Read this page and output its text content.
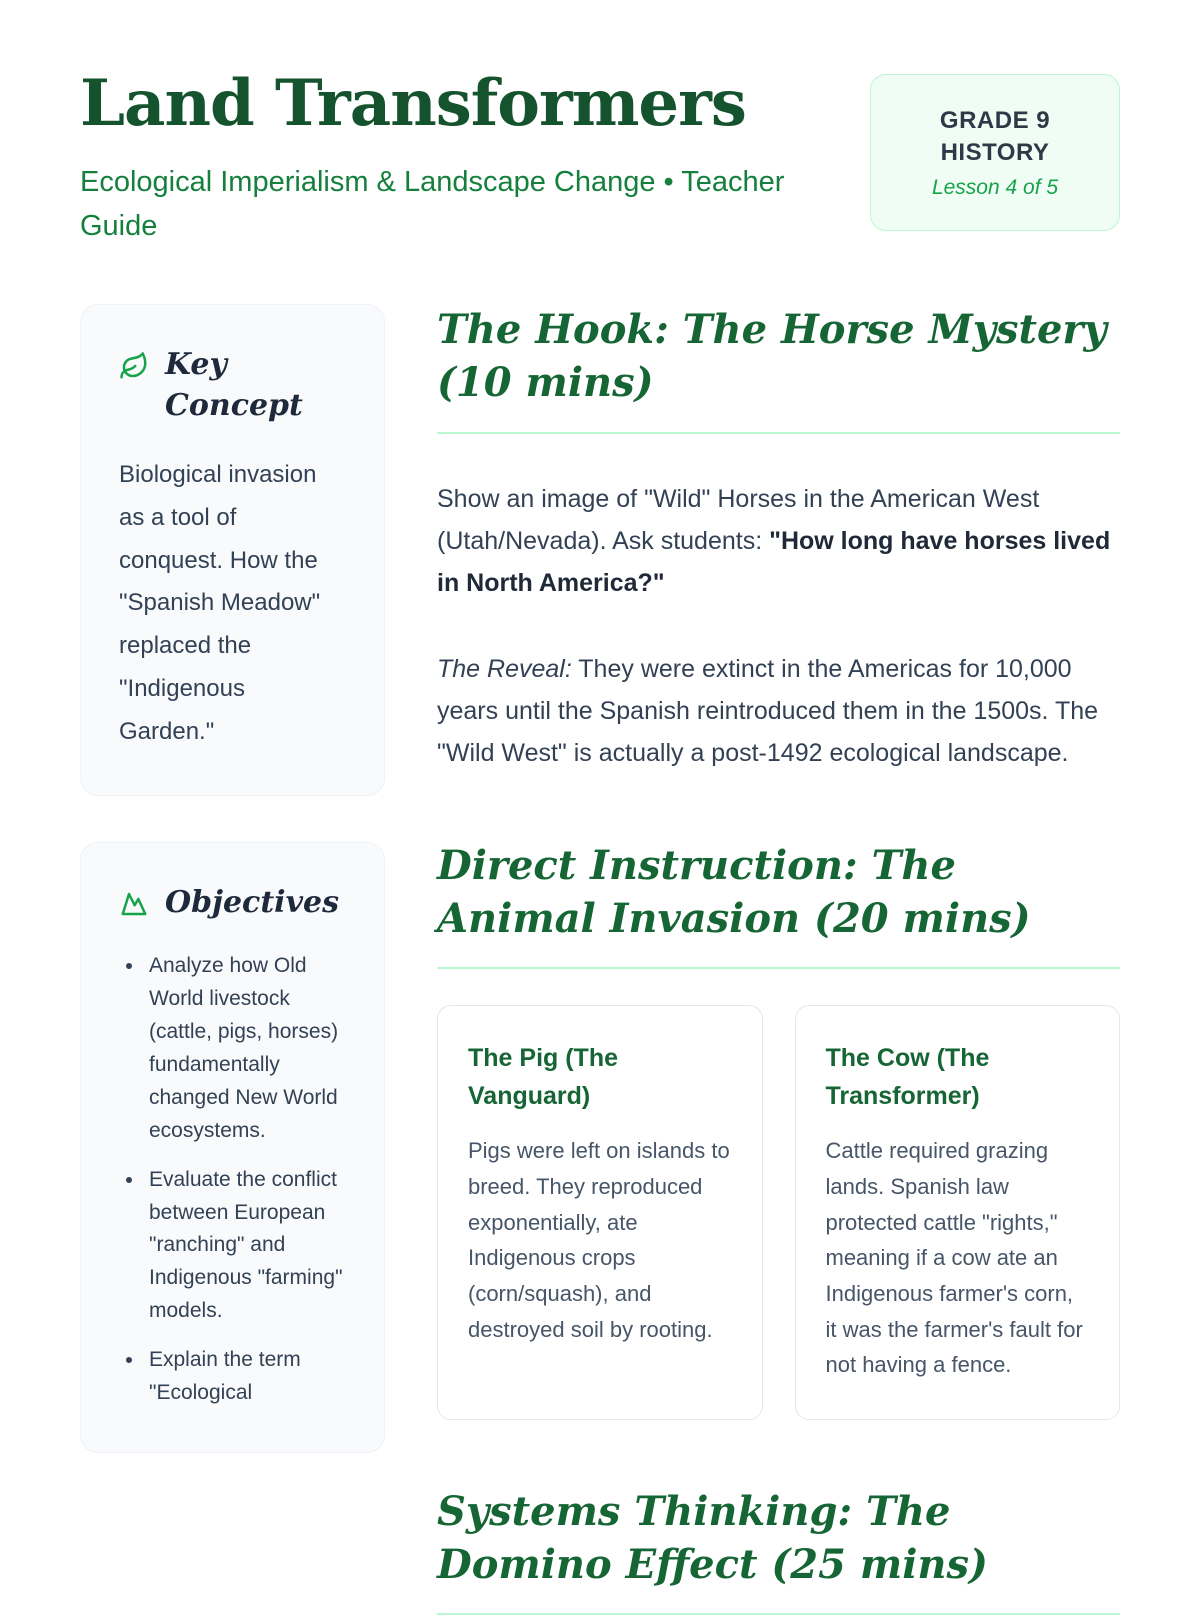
Land Transformers
Ecological Imperialism & Landscape Change • Teacher Guide
GRADE 9
HISTORY
Lesson 4 of 5
Key Concept
Biological invasion as a tool of conquest. How the "Spanish Meadow" replaced the "Indigenous Garden."
Objectives
• Analyze how Old World livestock (cattle, pigs, horses) fundamentally changed New World ecosystems.
• Evaluate the conflict between European "ranching" and Indigenous "farming" models.
• Explain the term "Ecological
The Hook: The Horse Mystery (10 mins)

Show an image of "Wild" Horses in the American West (Utah/Nevada). Ask students: "How long have horses lived in North America?"

The Reveal: They were extinct in the Americas for 10,000 years until the Spanish reintroduced them in the 1500s. The "Wild West" is actually a post-1492 ecological landscape.

Direct Instruction: The Animal Invasion (20 mins)
The Pig (The Vanguard)
Pigs were left on islands to breed. They reproduced exponentially, ate Indigenous crops (corn/squash), and destroyed soil by rooting.
The Cow (The Transformer)
Cattle required grazing lands. Spanish law protected cattle "rights," meaning if a cow ate an Indigenous farmer's corn, it was the farmer's fault for not having a fence.
Systems Thinking: The Domino Effect (25 mins)
